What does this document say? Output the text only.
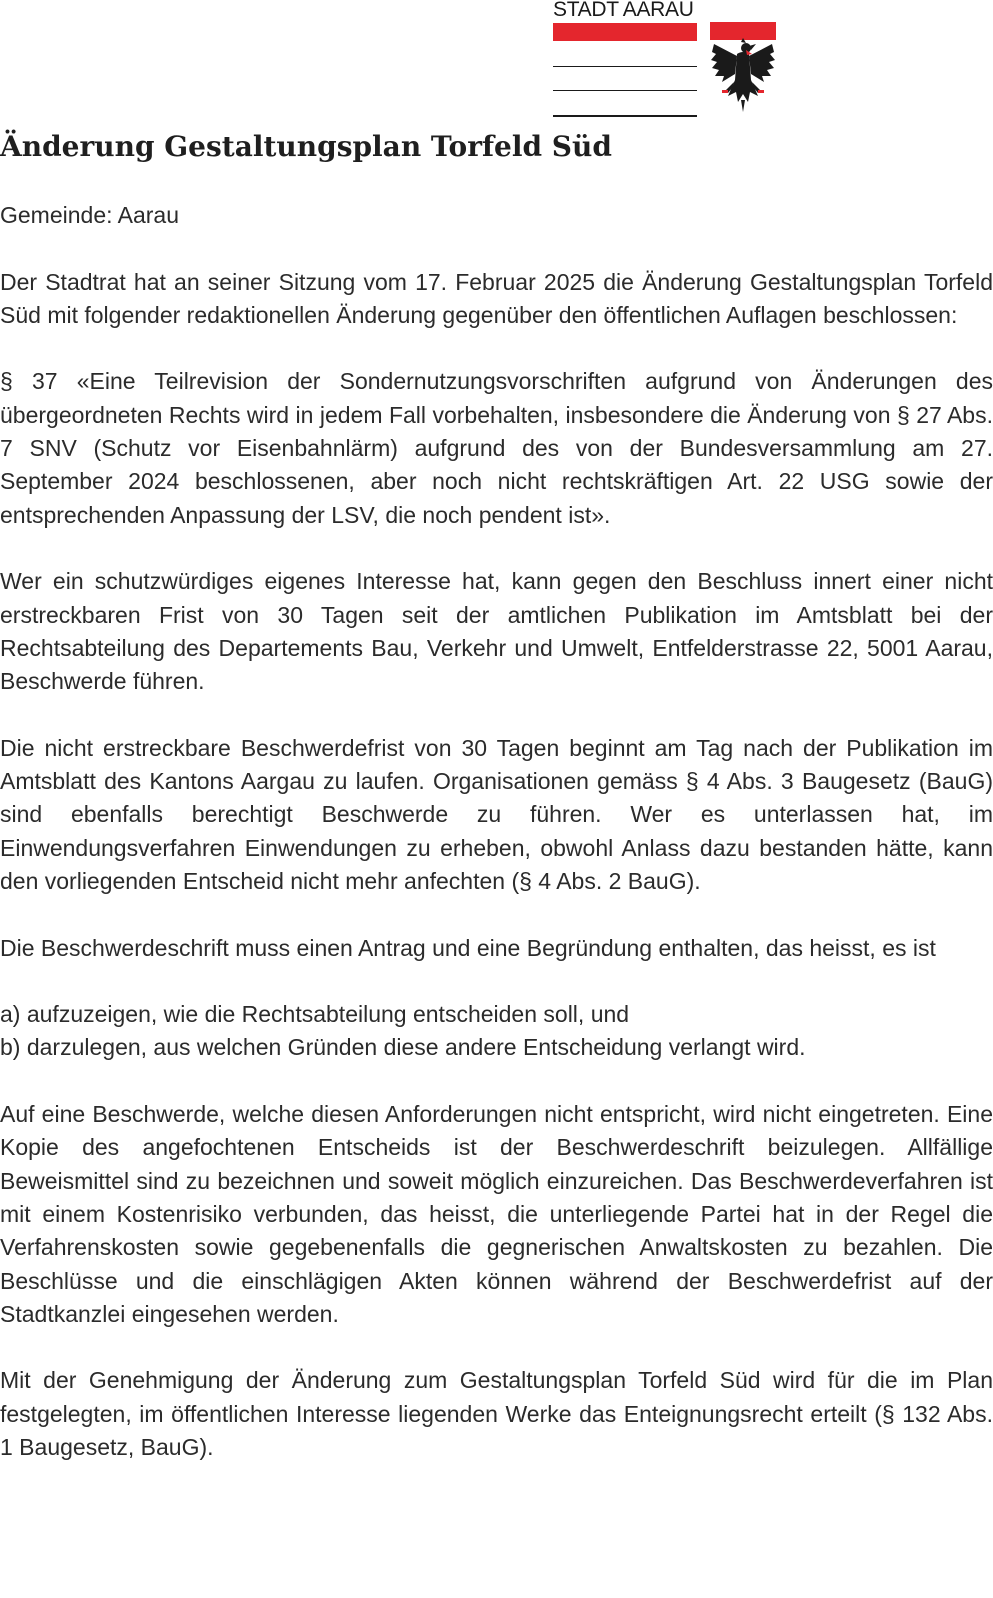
STADT AARAU
Änderung Gestaltungsplan Torfeld Süd

Gemeinde: Aarau

Der Stadtrat hat an seiner Sitzung vom 17. Februar 2025 die Änderung Gestaltungsplan Torfeld Süd mit folgender redaktionellen Änderung gegenüber den öffentlichen Auflagen beschlossen:

§ 37 «Eine Teilrevision der Sondernutzungsvorschriften aufgrund von Änderungen des übergeordneten Rechts wird in jedem Fall vorbehalten, insbesondere die Änderung von § 27 Abs. 7 SNV (Schutz vor Eisenbahnlärm) aufgrund des von der Bundesversammlung am 27. September 2024 beschlossenen, aber noch nicht rechtskräftigen Art. 22 USG sowie der entsprechenden Anpassung der LSV, die noch pendent ist».

Wer ein schutzwürdiges eigenes Interesse hat, kann gegen den Beschluss innert einer nicht erstreckbaren Frist von 30 Tagen seit der amtlichen Publikation im Amtsblatt bei der Rechtsabteilung des Departements Bau, Verkehr und Umwelt, Entfelderstrasse 22, 5001 Aarau, Beschwerde führen.

Die nicht erstreckbare Beschwerdefrist von 30 Tagen beginnt am Tag nach der Publikation im Amtsblatt des Kantons Aargau zu laufen. Organisationen gemäss § 4 Abs. 3 Baugesetz (BauG) sind ebenfalls berechtigt Beschwerde zu führen. Wer es unterlassen hat, im Einwendungsverfahren Einwendungen zu erheben, obwohl Anlass dazu bestanden hätte, kann den vorliegenden Entscheid nicht mehr anfechten (§ 4 Abs. 2 BauG).

Die Beschwerdeschrift muss einen Antrag und eine Begründung enthalten, das heisst, es ist

a) aufzuzeigen, wie die Rechtsabteilung entscheiden soll, und
b) darzulegen, aus welchen Gründen diese andere Entscheidung verlangt wird.

Auf eine Beschwerde, welche diesen Anforderungen nicht entspricht, wird nicht eingetreten. Eine Kopie des angefochtenen Entscheids ist der Beschwerdeschrift beizulegen. Allfällige Beweismittel sind zu bezeichnen und soweit möglich einzureichen. Das Beschwerdeverfahren ist mit einem Kostenrisiko verbunden, das heisst, die unterliegende Partei hat in der Regel die Verfahrenskosten sowie gegebenenfalls die gegnerischen Anwaltskosten zu bezahlen. Die Beschlüsse und die einschlägigen Akten können während der Beschwerdefrist auf der Stadtkanzlei eingesehen werden.

Mit der Genehmigung der Änderung zum Gestaltungsplan Torfeld Süd wird für die im Plan festgelegten, im öffentlichen Interesse liegenden Werke das Enteignungsrecht erteilt (§ 132 Abs. 1 Baugesetz, BauG).
